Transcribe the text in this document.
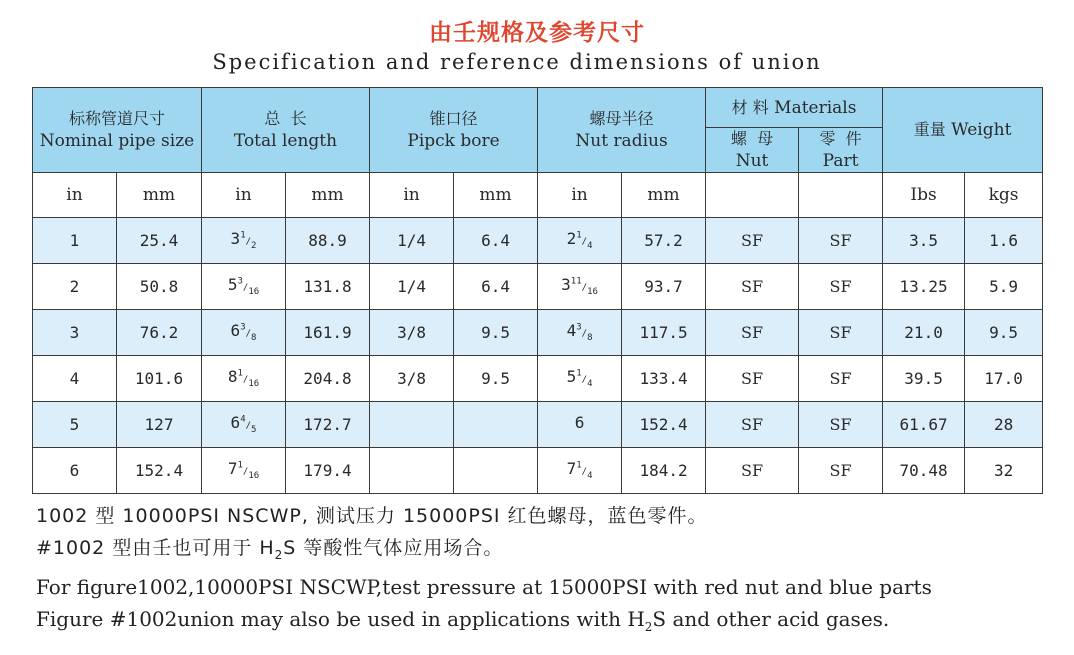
由壬规格及参考尺寸
Specification and reference dimensions of union
标称管道尺寸
Nominal pipe size		总  长
Total length		锥口径
Pipck bore		螺母半径
Nut radius		材 料 Materials		重量 Weight	
								螺  母
Nut	零  件
Part		
in	mm	in	mm	in	mm	in	mm			Ibs	kgs
1	25.4	$3^1/_2$	88.9	1/4	6.4	$2^1/_4$	57.2	SF	SF	3.5	1.6
2	50.8	$5^3/_{16}$	131.8	1/4	6.4	$3^{11}/_{16}$	93.7	SF	SF	13.25	5.9
3	76.2	$6^3/_8$	161.9	3/8	9.5	$4^3/_8$	117.5	SF	SF	21.0	9.5
4	101.6	$8^1/_{16}$	204.8	3/8	9.5	$5^1/_4$	133.4	SF	SF	39.5	17.0
5	127	$6^4/_5$	172.7			6	152.4	SF	SF	61.67	28
6	152.4	$7^1/_{16}$	179.4			$7^1/_4$	184.2	SF	SF	70.48	32
1002 型 10000PSI NSCWP, 测试压力 15000PSI 红色螺母，蓝色零件。
#1002 型由壬也可用于 $H_2S$ 等酸性气体应用场合。
For figure1002,10000PSI NSCWP,test pressure at 15000PSI with red nut and blue parts
Figure #1002union may also be used in applications with $H_2S$ and other acid gases.
